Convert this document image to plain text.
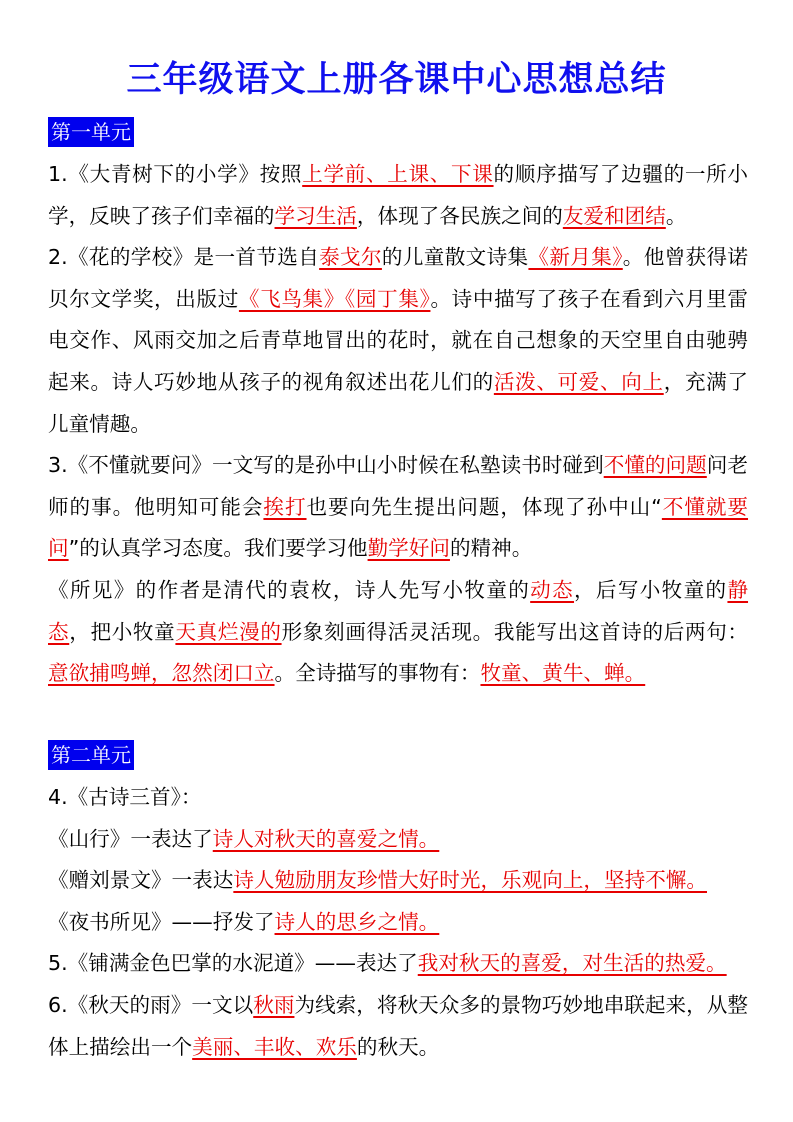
三年级语文上册各课中心思想总结
第一单元

1.《大青树下的小学》按照上学前、上课、下课的顺序描写了边疆的一所小学，反映了孩子们幸福的学习生活，体现了各民族之间的友爱和团结。

2.《花的学校》是一首节选自泰戈尔的儿童散文诗集《新月集》。他曾获得诺贝尔文学奖，出版过《飞鸟集》《园丁集》。诗中描写了孩子在看到六月里雷电交作、风雨交加之后青草地冒出的花时，就在自己想象的天空里自由驰骋起来。诗人巧妙地从孩子的视角叙述出花儿们的活泼、可爱、向上，充满了儿童情趣。

3.《不懂就要问》一文写的是孙中山小时候在私塾读书时碰到不懂的问题问老师的事。他明知可能会挨打也要向先生提出问题，体现了孙中山“不懂就要问”的认真学习态度。我们要学习他勤学好问的精神。

《所见》的作者是清代的袁枚，诗人先写小牧童的动态，后写小牧童的静态，把小牧童天真烂漫的形象刻画得活灵活现。我能写出这首诗的后两句：意欲捕鸣蝉，忽然闭口立。全诗描写的事物有：牧童、黄牛、蝉。

第二单元

4.《古诗三首》：

《山行》一表达了诗人对秋天的喜爱之情。

《赠刘景文》一表达诗人勉励朋友珍惜大好时光，乐观向上，坚持不懈。

《夜书所见》——抒发了诗人的思乡之情。

5.《铺满金色巴掌的水泥道》——表达了我对秋天的喜爱，对生活的热爱。

6.《秋天的雨》一文以秋雨为线索，将秋天众多的景物巧妙地串联起来，从整体上描绘出一个美丽、丰收、欢乐的秋天。
